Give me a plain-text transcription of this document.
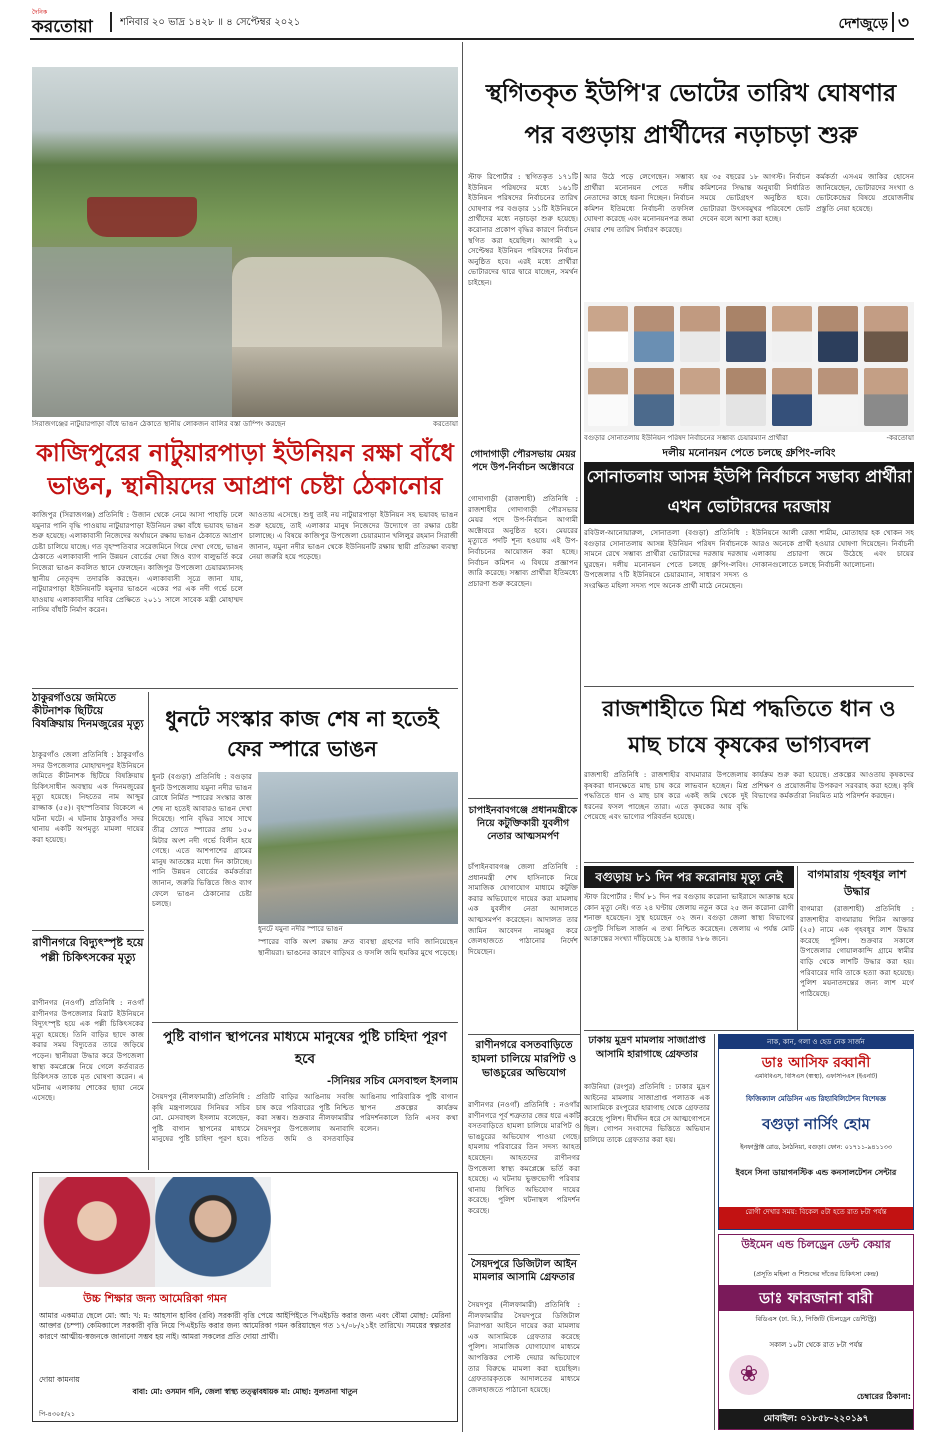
দৈনিক
করতোয়া	শনিবার ২০ ভাদ্র ১৪২৮ ॥ ৪ সেপ্টেম্বর ২০২১	দেশজুড়ে ৩
সিরাজগঞ্জের নাটুয়ারপাড়া বাঁধে ভাঙন ঠেকাতে স্থানীয় লোকজন বালির বস্তা ডাম্পিং করছেন	করতোয়া
কাজিপুরের নাটুয়ারপাড়া ইউনিয়ন রক্ষা বাঁধে ভাঙন, স্থানীয়দের আপ্রাণ চেষ্টা ঠেকানোর
কাজিপুর (সিরাজগঞ্জ) প্রতিনিধি : উজান থেকে নেমে আসা পাহাড়ি ঢলে যমুনার পানি বৃদ্ধি পাওয়ায় নাটুয়ারপাড়া ইউনিয়ন রক্ষা বাঁধে ভয়াবহ ভাঙন শুরু হয়েছে। এলাকাবাসী নিজেদের অর্থায়নে রক্ষায় ভাঙন ঠেকাতে আপ্রাণ চেষ্টা চালিয়ে যাচ্ছে। গত বৃহস্পতিবার সরেজমিনে গিয়ে দেখা গেছে, ভাঙন ঠেকাতে এলাকাবাসী পানি উন্নয়ন বোর্ডের দেয়া জিও ব্যাগ বালুভর্তি করে নিজেরা ভাঙন কবলিত স্থানে ফেলছেন। কাজিপুর উপজেলা চেয়ারম্যানসহ স্থানীয় নেতৃবৃন্দ তদারকি করছেন। এলাকাবাসী সূত্রে জানা যায়, নাটুয়ারপাড়া ইউনিয়নটি যমুনার ভাঙনে একের পর এক নদী গর্ভে চলে যাওয়ায় এলাকাবাসীর দাবির প্রেক্ষিতে ২০১১ সালে সাবেক মন্ত্রী মোহাম্মদ নাসিম বাঁধটি নির্মাণ করেন।
আওতায় এসেছে। শুধু তাই নয় নাটুয়ারপাড়া ইউনিয়ন সহ ভয়াবহ ভাঙন শুরু হয়েছে, তাই এলাকার মানুষ নিজেদের উদ্যোগে তা রক্ষার চেষ্টা চালাচ্ছে। এ বিষয়ে কাজিপুর উপজেলা চেয়ারম্যান খলিলুর রহমান সিরাজী জানান, যমুনা নদীর ভাঙন থেকে ইউনিয়নটি রক্ষায় স্থায়ী প্রতিরক্ষা ব্যবস্থা নেয়া জরুরি হয়ে পড়েছে।
ঠাকুরগাঁওয়ে জমিতে কীটনাশক ছিটিয়ে বিষক্রিয়ায় দিনমজুরের মৃত্যু
ঠাকুরগাঁও জেলা প্রতিনিধি : ঠাকুরগাঁও সদর উপজেলার মোহাম্মদপুর ইউনিয়নে জমিতে কীটনাশক ছিটিয়ে বিষক্রিয়ায় চিকিৎসাধীন অবস্থায় এক দিনমজুরের মৃত্যু হয়েছে। নিহতের নাম আব্দুর রাজ্জাক (৫৫)। বৃহস্পতিবার বিকেলে এ ঘটনা ঘটে। এ ঘটনায় ঠাকুরগাঁও সদর থানায় একটি অপমৃত্যু মামলা দায়ের করা হয়েছে।
রাণীনগরে বিদ্যুৎস্পৃষ্ট হয়ে পল্লী চিকিৎসকের মৃত্যু
রাণীনগর (নওগাঁ) প্রতিনিধি : নওগাঁ রাণীনগর উপজেলার মিরাট ইউনিয়নে বিদ্যুৎস্পৃষ্ট হয়ে এক পল্লী চিকিৎসকের মৃত্যু হয়েছে। তিনি বাড়ির ছাদে কাজ করার সময় বিদ্যুতের তারে জড়িয়ে পড়েন। স্থানীয়রা উদ্ধার করে উপজেলা স্বাস্থ্য কমপ্লেক্সে নিয়ে গেলে কর্তব্যরত চিকিৎসক তাকে মৃত ঘোষণা করেন। এ ঘটনায় এলাকায় শোকের ছায়া নেমে এসেছে।
ধুনটে সংস্কার কাজ শেষ না হতেই ফের স্পারে ভাঙন
ধুনট (বগুড়া) প্রতিনিধি : বগুড়ার ধুনট উপজেলায় যমুনা নদীর ভাঙন রোধে নির্মিত স্পারের সংস্কার কাজ শেষ না হতেই আবারও ভাঙন দেখা দিয়েছে। পানি বৃদ্ধির সাথে সাথে তীব্র স্রোতে স্পারের প্রায় ১৫০ মিটার অংশ নদী গর্ভে বিলীন হয়ে গেছে। এতে আশপাশের গ্রামের মানুষ আতঙ্কের মধ্যে দিন কাটাচ্ছে। পানি উন্নয়ন বোর্ডের কর্মকর্তারা জানান, জরুরি ভিত্তিতে জিও ব্যাগ ফেলে ভাঙন ঠেকানোর চেষ্টা চলছে।
ধুনটে যমুনা নদীর স্পারে ভাঙন
স্পারের বাকি অংশ রক্ষায় দ্রুত ব্যবস্থা গ্রহণের দাবি জানিয়েছেন স্থানীয়রা। ভাঙনের কারণে বাড়িঘর ও ফসলি জমি হুমকির মুখে পড়েছে।
পুষ্টি বাগান স্থাপনের মাধ্যমে মানুষের পুষ্টি চাহিদা পূরণ হবে
-সিনিয়র সচিব মেসবাহুল ইসলাম
সৈয়দপুর (নীলফামারী) প্রতিনিধি : কৃষি মন্ত্রণালয়ের সিনিয়র সচিব মো. মেসবাহুল ইসলাম বলেছেন, পুষ্টি বাগান স্থাপনের মাধ্যমে মানুষের পুষ্টি চাহিদা পূরণ হবে। প্রতিটি বাড়ির আঙিনায় সবজি চাষ করে পরিবারের পুষ্টি নিশ্চিত করা সম্ভব। শুক্রবার নীলফামারীর সৈয়দপুর উপজেলায় অনাবাদি পতিত জমি ও বসতবাড়ির আঙিনায় পারিবারিক পুষ্টি বাগান স্থাপন প্রকল্পের কার্যক্রম পরিদর্শনকালে তিনি এসব কথা বলেন।
উচ্চ শিক্ষার জন্য আমেরিকা গমন
আমার একমাত্র ছেলে মো: আ: খ: ম: আহসান হাবিব (রবি) সরকারী বৃত্তি পেয়ে আইপিইতে পিএইচডি করার জন্য এবং বৌমা মোছা: মেরিনা আক্তার (চম্পা) কেমিক্যালে সরকারী বৃত্তি নিয়ে পিএইচডি করার জন্য আমেরিকা গমন করিয়াছেন গত ১৭/০৮/২১ইং তারিখে। সময়ের স্বল্পতার কারণে আত্মীয়-স্বজনকে জানানো সম্ভব হয় নাই। আমরা সকলের প্রতি দোয়া প্রার্থী।
দোয়া কামনায়
বাবা: মো: ওসমান গনি, জেলা স্বাস্থ্য তত্ত্বাবধায়ক মা: মোছা: সুলতানা খাতুন
পি-৪৩০৫/২১
স্থগিতকৃত ইউপি'র ভোটের তারিখ ঘোষণার পর বগুড়ায় প্রার্থীদের নড়াচড়া শুরু
স্টাফ রিপোর্টার : স্থগিতকৃত ১৭১টি ইউনিয়ন পরিষদের মধ্যে ১৬১টি ইউনিয়ন পরিষদের নির্বাচনের তারিখ ঘোষণার পর বগুড়ার ১১টি ইউনিয়নে প্রার্থীদের মধ্যে নড়াচড়া শুরু হয়েছে। করোনার প্রকোপ বৃদ্ধির কারণে নির্বাচন স্থগিত করা হয়েছিল। আগামী ২০ সেপ্টেম্বর ইউনিয়ন পরিষদের নির্বাচন অনুষ্ঠিত হবে। এরই মধ্যে প্রার্থীরা ভোটারদের দ্বারে দ্বারে যাচ্ছেন, সমর্থন চাইছেন।
আর উঠে পড়ে লেগেছেন। সম্ভাব্য প্রার্থীরা মনোনয়ন পেতে দলীয় নেতাদের কাছে ধরনা দিচ্ছেন। নির্বাচন কমিশন ইতিমধ্যে নির্বাচনী তফসিল ঘোষণা করেছে এবং মনোনয়নপত্র জমা দেয়ার শেষ তারিখ নির্ধারণ করেছে।
হয় ৩৫ বছরের ১৮ আগস্ট। নির্বাচন কমিশনের সিদ্ধান্ত অনুযায়ী নির্ধারিত সময়ে ভোটগ্রহণ অনুষ্ঠিত হবে। ভোটাররা উৎসবমুখর পরিবেশে ভোট দেবেন বলে আশা করা হচ্ছে।
কর্মকর্তা এসএম জাকির হোসেন জানিয়েছেন, ভোটারদের সংখ্যা ও ভোটকেন্দ্রের বিষয়ে প্রয়োজনীয় প্রস্তুতি নেয়া হয়েছে।
বগুড়ার সোনাতলায় ইউনিয়ন পরিষদ নির্বাচনের সম্ভাব্য চেয়ারম্যান প্রার্থীরা	-করতোয়া
গোদাগাড়ী পৌরসভায় মেয়র পদে উপ-নির্বাচন অক্টোবরে
গোদাগাড়ী (রাজশাহী) প্রতিনিধি : রাজশাহীর গোদাগাড়ী পৌরসভার মেয়র পদে উপ-নির্বাচন আগামী অক্টোবরে অনুষ্ঠিত হবে। মেয়রের মৃত্যুতে পদটি শূন্য হওয়ায় এই উপ-নির্বাচনের আয়োজন করা হচ্ছে। নির্বাচন কমিশন এ বিষয়ে প্রজ্ঞাপন জারি করেছে। সম্ভাব্য প্রার্থীরা ইতিমধ্যে প্রচারণা শুরু করেছেন।
দলীয় মনোনয়ন পেতে চলছে গ্রুপিং-লবিং
সোনাতলায় আসন্ন ইউপি নির্বাচনে সম্ভাব্য প্রার্থীরা এখন ভোটারদের দরজায়
রবিউল-আনোয়ারুল, সোনাতলা (বগুড়া) প্রতিনিধি : বগুড়ার সোনাতলায় আসন্ন ইউনিয়ন পরিষদ নির্বাচনকে সামনে রেখে সম্ভাব্য প্রার্থীরা ভোটারদের দরজায় দরজায় ঘুরছেন। দলীয় মনোনয়ন পেতে চলছে গ্রুপিং-লবিং। উপজেলার ৭টি ইউনিয়নে চেয়ারম্যান, সাধারণ সদস্য ও সংরক্ষিত মহিলা সদস্য পদে অনেক প্রার্থী মাঠে নেমেছেন।
ইউনিয়নে আলী রেজা শামীম, মোতাহার হক খোকন সহ আরও অনেকে প্রার্থী হওয়ার ঘোষণা দিয়েছেন। নির্বাচনী এলাকায় প্রচারণা জমে উঠেছে এবং চায়ের দোকানগুলোতে চলছে নির্বাচনী আলোচনা।
রাজশাহীতে মিশ্র পদ্ধতিতে ধান ও মাছ চাষে কৃষকের ভাগ্যবদল
রাজশাহী প্রতিনিধি : রাজশাহীর বাঘমারার উপজেলায় কৃষকরা ধানক্ষেতে মাছ চাষ করে লাভবান হচ্ছেন। মিশ্র পদ্ধতিতে ধান ও মাছ চাষ করে একই জমি থেকে দুই ধরনের ফসল পাচ্ছেন তারা। এতে কৃষকের আয় বৃদ্ধি পেয়েছে এবং ভাগ্যের পরিবর্তন হয়েছে।
কার্যক্রম শুরু করা হয়েছে। প্রকল্পের আওতায় কৃষকদের প্রশিক্ষণ ও প্রয়োজনীয় উপকরণ সরবরাহ করা হচ্ছে। কৃষি বিভাগের কর্মকর্তারা নিয়মিত মাঠ পরিদর্শন করছেন।
বগুড়ায় ৮১ দিন পর করোনায় মৃত্যু নেই
স্টাফ রিপোর্টার : দীর্ঘ ৮১ দিন পর বগুড়ায় করোনা ভাইরাসে আক্রান্ত হয়ে কোন মৃত্যু নেই। গত ২৪ ঘণ্টায় জেলায় নতুন করে ২৫ জন করোনা রোগী শনাক্ত হয়েছেন। সুস্থ হয়েছেন ৩২ জন। বগুড়া জেলা স্বাস্থ্য বিভাগের ডেপুটি সিভিল সার্জন এ তথ্য নিশ্চিত করেছেন। জেলায় এ পর্যন্ত মোট আক্রান্তের সংখ্যা দাঁড়িয়েছে ১৯ হাজার ৭৮৬ জনে।
বাগমারায় গৃহবধূর লাশ উদ্ধার
বাগমারা (রাজশাহী) প্রতিনিধি : রাজশাহীর বাগমারায় শিরিন আক্তার (২৫) নামে এক গৃহবধূর লাশ উদ্ধার করেছে পুলিশ। শুক্রবার সকালে উপজেলার গোয়ালকান্দি গ্রামে স্বামীর বাড়ি থেকে লাশটি উদ্ধার করা হয়। পরিবারের দাবি তাকে হত্যা করা হয়েছে। পুলিশ ময়নাতদন্তের জন্য লাশ মর্গে পাঠিয়েছে।
চাপাইনবাবগঞ্জে প্রধানমন্ত্রীকে নিয়ে কটুক্তিকারী যুবলীগ নেতার আত্মসমর্পণ
চাঁপাইনবাবগঞ্জ জেলা প্রতিনিধি : প্রধানমন্ত্রী শেখ হাসিনাকে নিয়ে সামাজিক যোগাযোগ মাধ্যমে কটুক্তি করার অভিযোগে দায়ের করা মামলায় এক যুবলীগ নেতা আদালতে আত্মসমর্পণ করেছেন। আদালত তার জামিন আবেদন নামঞ্জুর করে জেলহাজতে পাঠানোর নির্দেশ দিয়েছেন।
রাণীনগরে বসতবাড়িতে হামলা চালিয়ে মারপিট ও ভাঙচুরের অভিযোগ
রাণীনগর (নওগাঁ) প্রতিনিধি : নওগাঁর রাণীনগরে পূর্ব শত্রুতার জের ধরে একটি বসতবাড়িতে হামলা চালিয়ে মারপিট ও ভাঙচুরের অভিযোগ পাওয়া গেছে। হামলায় পরিবারের তিন সদস্য আহত হয়েছেন। আহতদের রাণীনগর উপজেলা স্বাস্থ্য কমপ্লেক্সে ভর্তি করা হয়েছে। এ ঘটনায় ভুক্তভোগী পরিবার থানায় লিখিত অভিযোগ দায়ের করেছে। পুলিশ ঘটনাস্থল পরিদর্শন করেছে।
সৈয়দপুরে ডিজিটাল আইন মামলার আসামি গ্রেফতার
সৈয়দপুর (নীলফামারী) প্রতিনিধি : নীলফামারীর সৈয়দপুরে ডিজিটাল নিরাপত্তা আইনে দায়ের করা মামলায় এক আসামিকে গ্রেফতার করেছে পুলিশ। সামাজিক যোগাযোগ মাধ্যমে আপত্তিকর পোস্ট দেয়ার অভিযোগে তার বিরুদ্ধে মামলা করা হয়েছিল। গ্রেফতারকৃতকে আদালতের মাধ্যমে জেলহাজতে পাঠানো হয়েছে।
ঢাকায় মুদ্রণ মামলায় সাজাপ্রাপ্ত আসামি হারাগাছে গ্রেফতার
কাউনিয়া (রংপুর) প্রতিনিধি : ঢাকার মুদ্রণ আইনের মামলায় সাজাপ্রাপ্ত পলাতক এক আসামিকে রংপুরের হারাগাছ থেকে গ্রেফতার করেছে পুলিশ। দীর্ঘদিন ধরে সে আত্মগোপনে ছিল। গোপন সংবাদের ভিত্তিতে অভিযান চালিয়ে তাকে গ্রেফতার করা হয়।
নাক, কান, গলা ও হেড নেক সার্জন
ডাঃ আসিফ রব্বানী
এমবিবিএস, বিসিএস (স্বাস্থ্য), এফসিপিএস (ইএনটি)
ফিজিক্যাল মেডিসিন এন্ড রিহ্যাবিলিটেশন বিশেষজ্ঞ
বগুড়া নার্সিং হোম
ইনফাস্ট্রাক্ট রোড, ঠনঠনিয়া, বগুড়া। ফোন: ০১৭১১-৯৪১১৩৩
ইবনে সিনা ডায়াগনস্টিক এন্ড কনসালটেশন সেন্টার
রোগী দেখার সময়: বিকেল ৫টা হতে রাত ৮টা পর্যন্ত
উইমেন এন্ড চিলড্রেন ডেন্ট কেয়ার
(প্রসূতি মহিলা ও শিশুদের দাঁতের চিকিৎসা কেন্দ্র)
ডাঃ ফারজানা বারী
বিডিএস (ঢা. বি.), পিজিটি (চিলড্রেন ডেন্টিস্ট্রি)
সকাল ১০টা থেকে রাত ৮টা পর্যন্ত
❀
চেম্বারের ঠিকানা:
মোবাইল: ০১৮৫৮-২২০১৯৭
